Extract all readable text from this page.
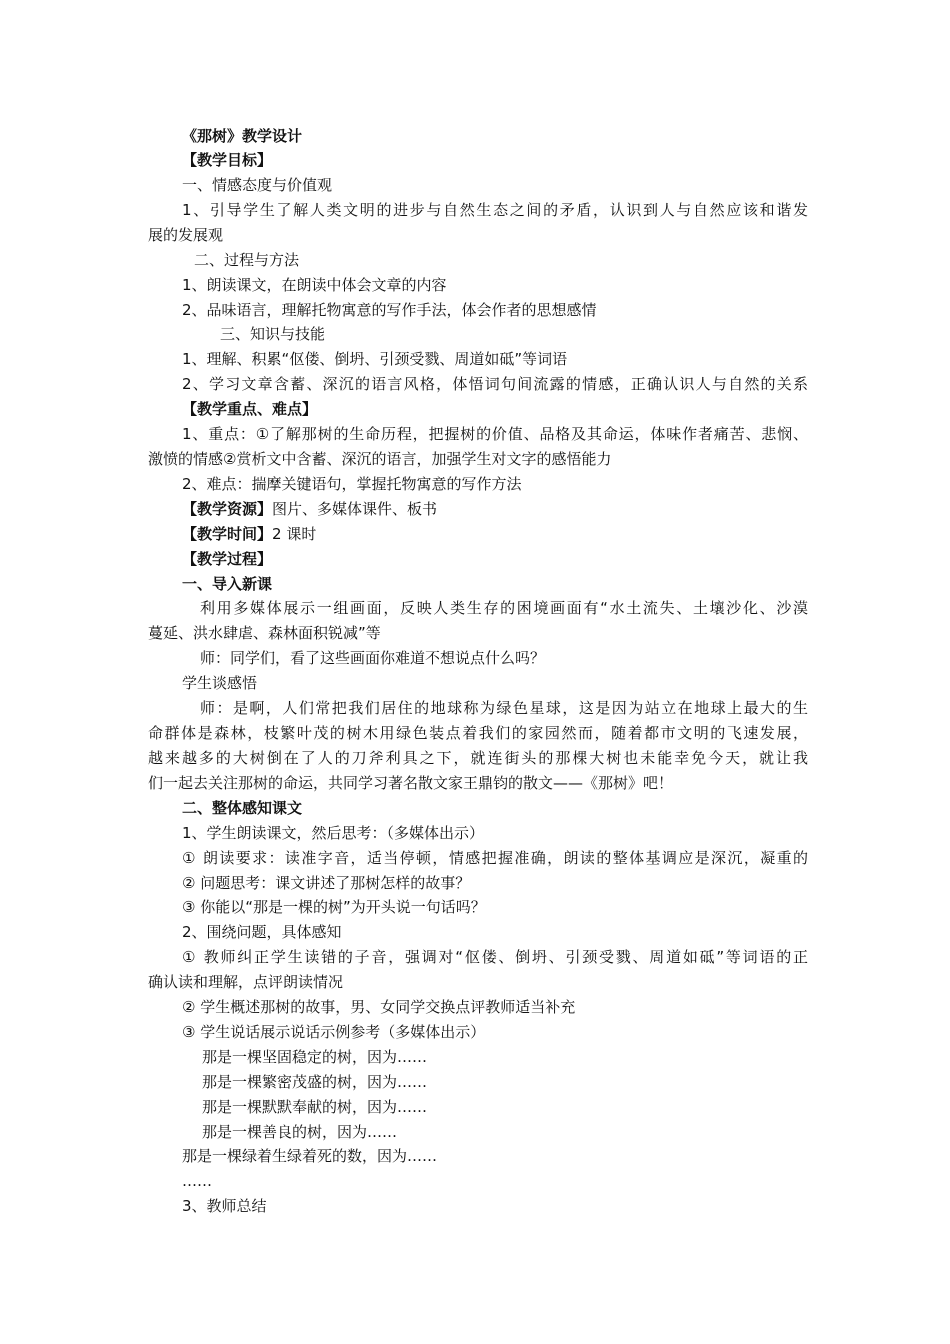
《那树》教学设计
【教学目标】
一、情感态度与价值观
1、引导学生了解人类文明的进步与自然生态之间的矛盾，认识到人与自然应该和谐发
展的发展观
二、过程与方法
1、朗读课文，在朗读中体会文章的内容
2、品味语言，理解托物寓意的写作手法，体会作者的思想感情
三、知识与技能
1、理解、积累“伛偻、倒坍、引颈受戮、周道如砥”等词语
2、学习文章含蓄、深沉的语言风格，体悟词句间流露的情感，正确认识人与自然的关系
【教学重点、难点】
1、重点：①了解那树的生命历程，把握树的价值、品格及其命运，体味作者痛苦、悲悯、
激愤的情感②赏析文中含蓄、深沉的语言，加强学生对文字的感悟能力
2、难点：揣摩关键语句，掌握托物寓意的写作方法
【教学资源】图片、多媒体课件、板书
【教学时间】2 课时
【教学过程】
一、导入新课
利用多媒体展示一组画面，反映人类生存的困境画面有“水土流失、土壤沙化、沙漠
蔓延、洪水肆虐、森林面积锐减”等
师：同学们，看了这些画面你难道不想说点什么吗？
学生谈感悟
师：是啊，人们常把我们居住的地球称为绿色星球，这是因为站立在地球上最大的生
命群体是森林，枝繁叶茂的树木用绿色装点着我们的家园然而，随着都市文明的飞速发展，
越来越多的大树倒在了人的刀斧利具之下，就连街头的那棵大树也未能幸免今天，就让我
们一起去关注那树的命运，共同学习著名散文家王鼎钧的散文——《那树》吧！
二、整体感知课文
1、学生朗读课文，然后思考：（多媒体出示）
① 朗读要求：读准字音，适当停顿，情感把握准确，朗读的整体基调应是深沉，凝重的
② 问题思考：课文讲述了那树怎样的故事？
③ 你能以“那是一棵的树”为开头说一句话吗？
2、围绕问题，具体感知
① 教师纠正学生读错的子音，强调对“伛偻、倒坍、引颈受戮、周道如砥”等词语的正
确认读和理解，点评朗读情况
② 学生概述那树的故事，男、女同学交换点评教师适当补充
③ 学生说话展示说话示例参考（多媒体出示）
那是一棵坚固稳定的树，因为……
那是一棵繁密茂盛的树，因为……
那是一棵默默奉献的树，因为……
那是一棵善良的树，因为……
那是一棵绿着生绿着死的数，因为……
……
3、教师总结
